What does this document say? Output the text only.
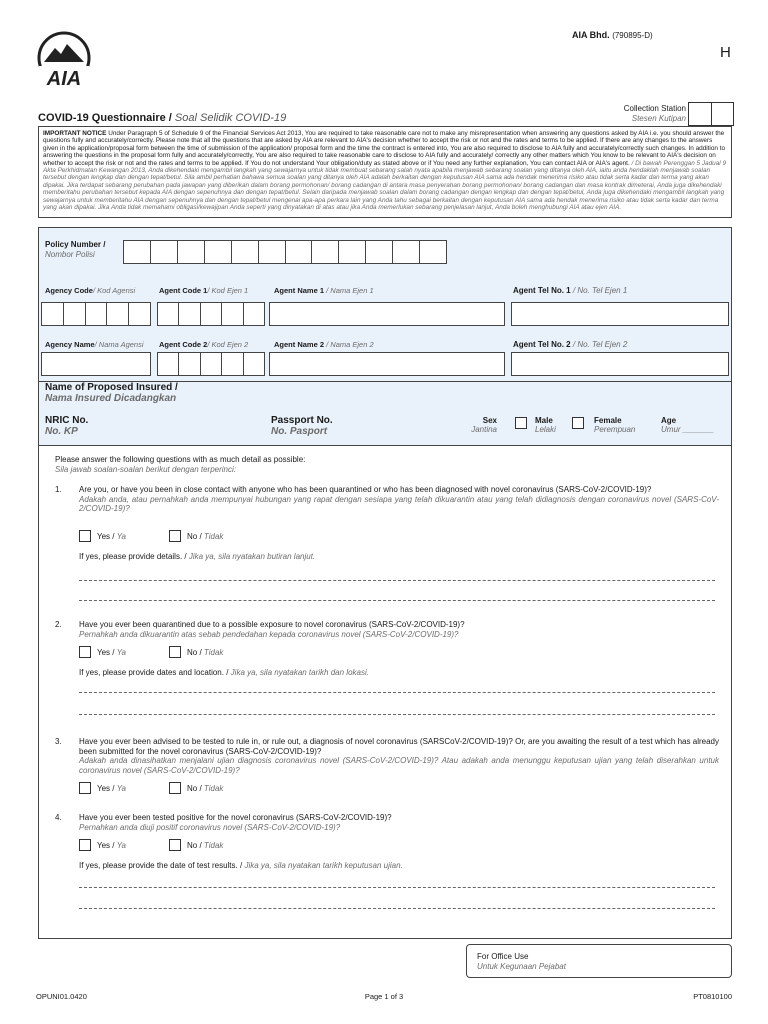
AIA
AIA Bhd. (790895-D)
H
Collection Station
Stesen Kutipan
COVID-19 Questionnaire / Soal Selidik COVID-19
IMPORTANT NOTICE Under Paragraph 5 of Schedule 9 of the Financial Services Act 2013, You are required to take reasonable care not to make any misrepresentation when answering any questions asked by AIA i.e. you should answer the questions fully and accurately/correctly. Please note that all the questions that are asked by AIA are relevant to AIA's decision whether to accept the risk or not and the rates and terms to be applied. If there are any changes to the answers given in the application/proposal form between the time of submission of the application/ proposal form and the time the contract is entered into, You are also required to disclose to AIA fully and accurately/correctly such changes. In addition to answering the questions in the proposal form fully and accurately/correctly, You are also required to take reasonable care to disclose to AIA fully and accurately/ correctly any other matters which You know to be relevant to AIA's decision on whether to accept the risk or not and the rates and terms to be applied. If You do not understand Your obligation/duty as stated above or if You need any further explanation, You can contact AIA or AIA's agent. / Di bawah Perenggan 5 Jadual 9 Akta Perkhidmatan Kewangan 2013, Anda dikehendaki mengambil langkah yang sewajarnya untuk tidak membuat sebarang salah nyata apabila menjawab sebarang soalan yang ditanya oleh AIA, iaitu anda hendaklah menjawab soalan tersebut dengan lengkap dan dengan tepat/betul. Sila ambil perhatian bahawa semua soalan yang ditanya oleh AIA adalah berkaitan dengan keputusan AIA sama ada hendak menerima risiko atau tidak serta kadar dan terma yang akan dipakai. Jika terdapat sebarang perubahan pada jawapan yang diberikan dalam borang permohonan/ borang cadangan di antara masa penyerahan borang permohonan/ borang cadangan dan masa kontrak dimeterai, Anda juga dikehendaki memberitahu perubahan tersebut kepada AIA dengan sepenuhnya dan dengan tepat/betul. Selain daripada menjawab soalan dalam borang cadangan dengan lengkap dan dengan tepat/betul, Anda juga dikehendaki mengambil langkah yang sewajarnya untuk memberitahu AIA dengan sepenuhnya dan dengan tepat/betul mengenai apa-apa perkara lain yang Anda tahu sebagai berkaitan dengan keputusan AIA sama ada hendak menerima risiko atau tidak serta kadar dan terma yang akan dipakai. Jika Anda tidak memahami obligasi/kewajipan Anda seperti yang dinyatakan di atas atau jika Anda memerlukan sebarang penjelasan lanjut, Anda boleh menghubungi AIA atau ejen AIA.
Policy Number /
Nombor Polisi
Agency Code/ Kod Agensi	Agent Code 1/ Kod Ejen 1	Agent Name 1 / Nama Ejen 1	Agent Tel No. 1 / No. Tel Ejen 1
Agency Name/ Nama Agensi Agent Code 2/ Kod Ejen 2	Agent Name 2 / Nama Ejen 2	Agent Tel No. 2 / No. Tel Ejen 2
Name of Proposed Insured /
Nama Insured Dicadangkan
NRIC No.
No. KP
Passport No.
No. Pasport
Sex
Jantina
Male
Lelaki
Female
Perempuan
Age
Umur _______
Please answer the following questions with as much detail as possible:
Sila jawab soalan-soalan berikut dengan terperinci:
1. Are you, or have you been in close contact with anyone who has been quarantined or who has been diagnosed with novel coronavirus (SARS-CoV-2/COVID-19)?
Adakah anda, atau pernahkah anda mempunyai hubungan yang rapat dengan sesiapa yang telah dikuarantin atau yang telah didiagnosis dengan coronavirus novel (SARS-CoV-2/COVID-19)?
Yes /
Ya	No /
Tidak
If yes, please provide details. / Jika ya, sila nyatakan butiran lanjut.
2. Have you ever been quarantined due to a possible exposure to novel coronavirus (SARS-CoV-2/COVID-19)?
Pernahkah anda dikuarantin atas sebab pendedahan kepada coronavirus novel (SARS-CoV-2/COVID-19)?
Yes /
Ya	No /
Tidak
If yes, please provide dates and location. / Jika ya, sila nyatakan tarikh dan lokasi.
3. Have you ever been advised to be tested to rule in, or rule out, a diagnosis of novel coronavirus (SARSCoV-2/COVID-19)? Or, are you awaiting the result of a test which has already been submitted for the novel coronavirus (SARS-CoV-2/COVID-19)?
Adakah anda dinasihatkan menjalani ujian diagnosis coronavirus novel (SARS-CoV-2/COVID-19)? Atau adakah anda menunggu keputusan ujian yang telah diserahkan untuk coronavirus novel (SARS-CoV-2/COVID-19)?
Yes /
Ya	No /
Tidak
4. Have you ever been tested positive for the novel coronavirus (SARS-CoV-2/COVID-19)?
Pernahkan anda diuji positif coronavirus novel (SARS-CoV-2/COVID-19)?
Yes /
Ya	No /
Tidak
If yes, please provide the date of test results. / Jika ya, sila nyatakan tarikh keputusan ujian.
For Office Use
Untuk Kegunaan Pejabat
OPUNI01.0420	Page 1 of 3	PT0810100
